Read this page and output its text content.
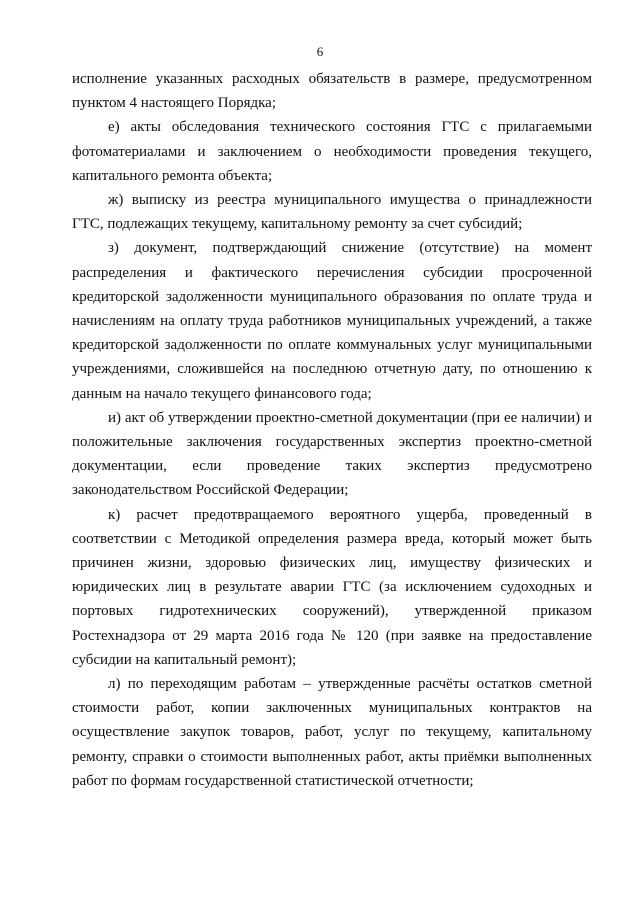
6

исполнение указанных расходных обязательств в размере, предусмотренном пунктом 4 настоящего Порядка;

е) акты обследования технического состояния ГТС с прилагаемыми фотоматериалами и заключением о необходимости проведения текущего, капитального ремонта объекта;

ж) выписку из реестра муниципального имущества о принадлежности ГТС, подлежащих текущему, капитальному ремонту за счет субсидий;

з) документ, подтверждающий снижение (отсутствие) на момент распределения и фактического перечисления субсидии просроченной кредиторской задолженности муниципального образования по оплате труда и начислениям на оплату труда работников муниципальных учреждений, а также кредиторской задолженности по оплате коммунальных услуг муниципальными учреждениями, сложившейся на последнюю отчетную дату, по отношению к данным на начало текущего финансового года;

и) акт об утверждении проектно-сметной документации (при ее наличии) и положительные заключения государственных экспертиз проектно-сметной документации, если проведение таких экспертиз предусмотрено законодательством Российской Федерации;

к) расчет предотвращаемого вероятного ущерба, проведенный в соответствии с Методикой определения размера вреда, который может быть причинен жизни, здоровью физических лиц, имуществу физических и юридических лиц в результате аварии ГТС (за исключением судоходных и портовых гидротехнических сооружений), утвержденной приказом Ростехнадзора от 29 марта 2016 года № 120 (при заявке на предоставление субсидии на капитальный ремонт);

л) по переходящим работам – утвержденные расчёты остатков сметной стоимости работ, копии заключенных муниципальных контрактов на осуществление закупок товаров, работ, услуг по текущему, капитальному ремонту, справки о стоимости выполненных работ, акты приёмки выполненных работ по формам государственной статистической отчетности;
